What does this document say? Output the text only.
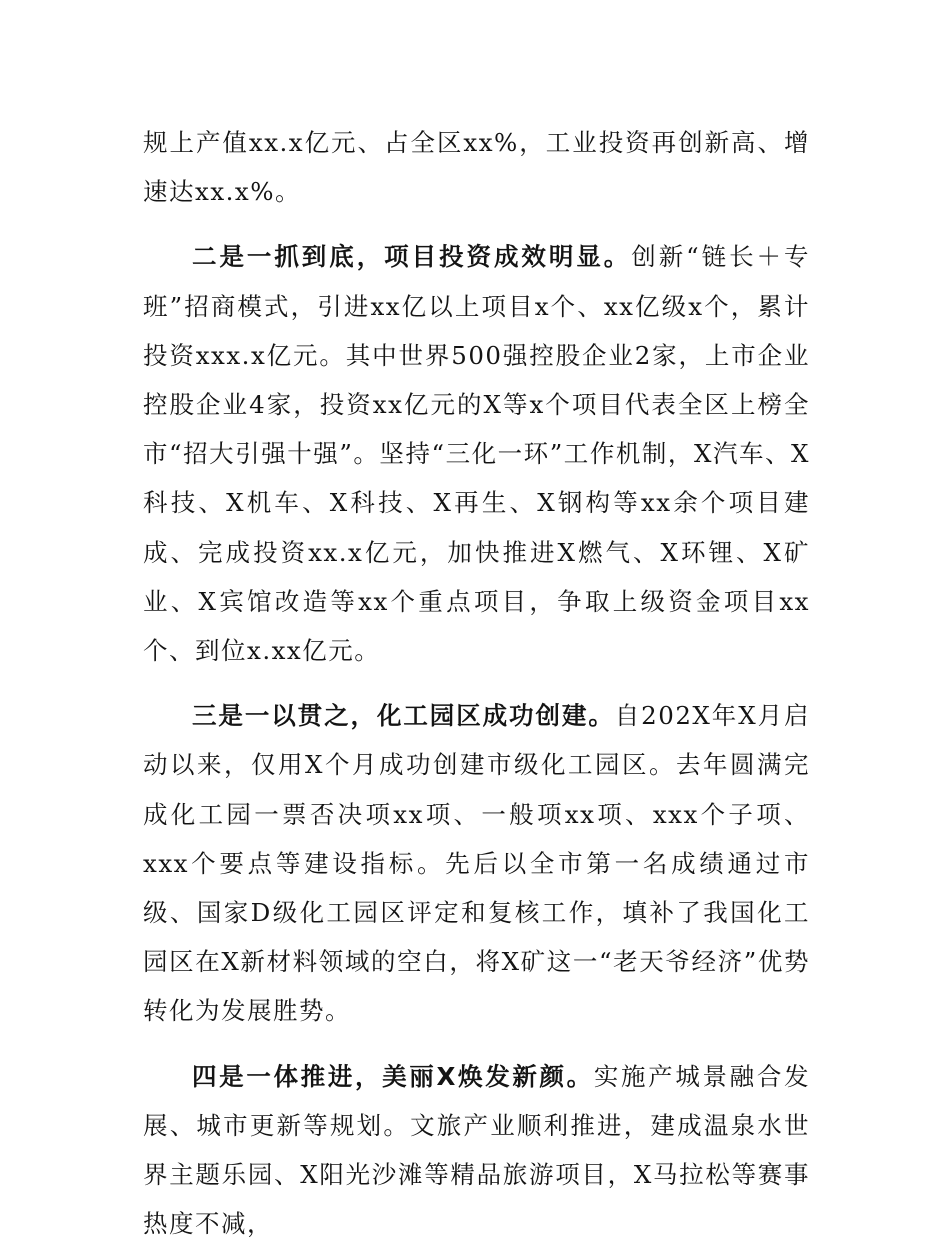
规上产值xx.x亿元、占全区xx%，工业投资再创新高、增速达xx.x%。

二是一抓到底，项目投资成效明显。创新“链长＋专班”招商模式，引进xx亿以上项目x个、xx亿级x个，累计投资xxx.x亿元。其中世界500强控股企业2家，上市企业控股企业4家，投资xx亿元的X等x个项目代表全区上榜全市“招大引强十强”。坚持“三化一环”工作机制，X汽车、X科技、X机车、X科技、X再生、X钢构等xx余个项目建成、完成投资xx.x亿元，加快推进X燃气、X环锂、X矿业、X宾馆改造等xx个重点项目，争取上级资金项目xx个、到位x.xx亿元。

三是一以贯之，化工园区成功创建。自202X年X月启动以来，仅用X个月成功创建市级化工园区。去年圆满完成化工园一票否决项xx项、一般项xx项、xxx个子项、xxx个要点等建设指标。先后以全市第一名成绩通过市级、国家D级化工园区评定和复核工作，填补了我国化工园区在X新材料领域的空白，将X矿这一“老天爷经济”优势转化为发展胜势。

四是一体推进，美丽X焕发新颜。实施产城景融合发展、城市更新等规划。文旅产业顺利推进，建成温泉水世界主题乐园、X阳光沙滩等精品旅游项目，X马拉松等赛事热度不减，
